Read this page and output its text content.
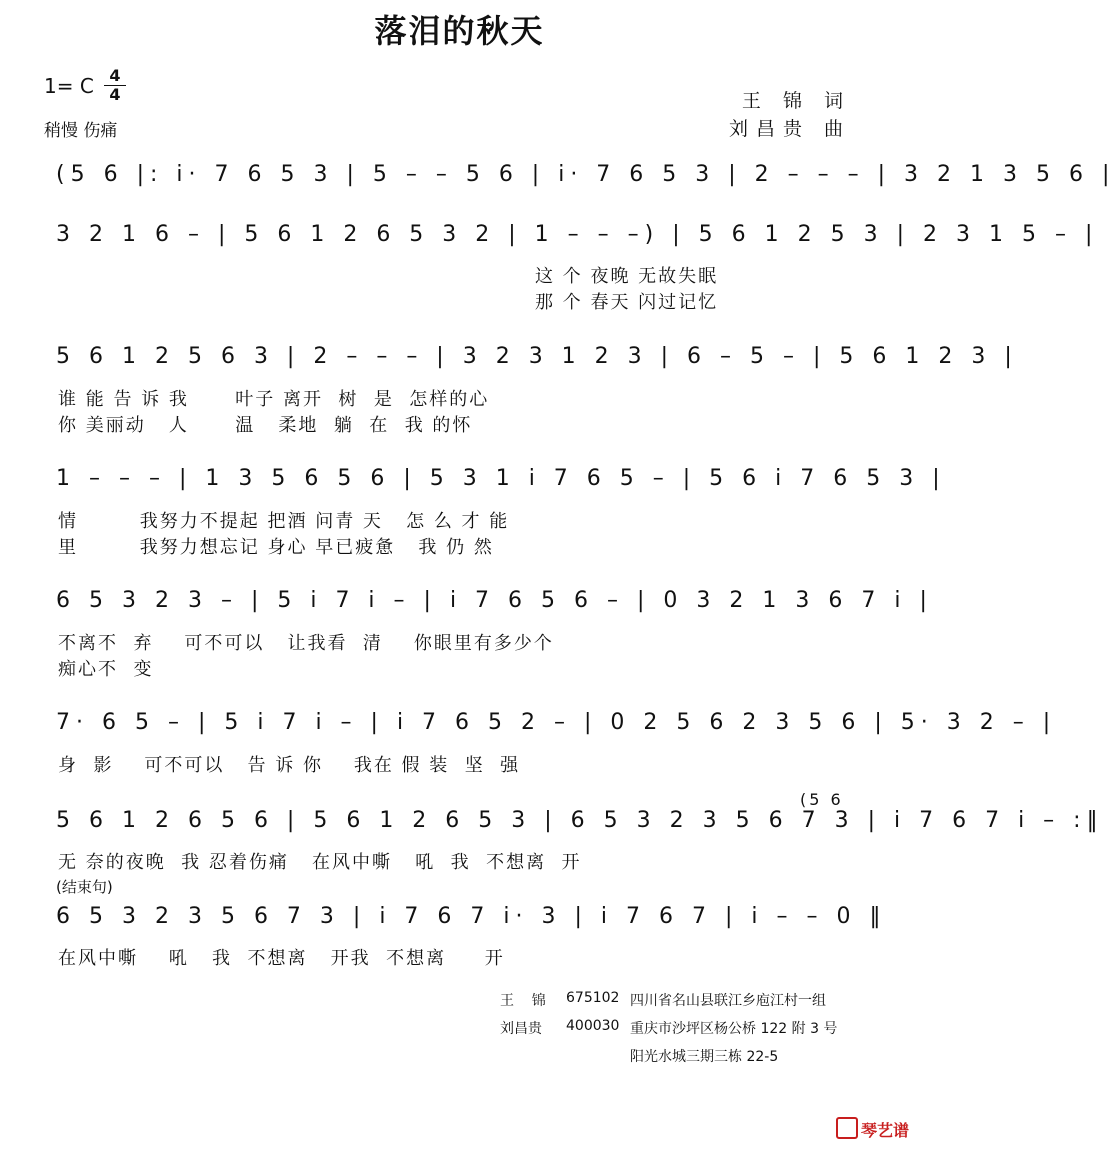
落泪的秋天
1= C 4
4
稍慢 伤痛
王 锦 词
刘昌贵 曲
(5 6 |: i· 7 6 5 3 | 5 – – 5 6 | i· 7 6 5 3 | 2 – – – | 3 2 1 3 5 6 |
3 2 1 6 – | 5 6 1 2 6 5 3 2 | 1 – – –) | 5 6 1 2 5 3 | 2 3 1 5 – |
这 个 夜晚 无故失眠
那 个 春天 闪过记忆
5 6 1 2 5 6 3 | 2 – – – | 3 2 3 1 2 3 | 6 – 5 – | 5 6 1 2 3 |
谁 能 告 诉 我      叶子 离开  树  是  怎样的心
你 美丽动   人      温   柔地  躺  在  我 的怀
1 – – – | 1 3 5 6 5 6 | 5 3 1 i 7 6 5 – | 5 6 i 7 6 5 3 |
情        我努力不提起 把酒 问青 天   怎 么 才 能
里        我努力想忘记 身心 早已疲惫   我 仍 然
6 5 3 2 3 – | 5 i 7 i – | i 7 6 5 6 – | 0 3 2 1 3 6 7 i |
不离不  弃    可不可以   让我看  清    你眼里有多少个
痴心不  变
7· 6 5 – | 5 i 7 i – | i 7 6 5 2 – | 0 2 5 6 2 3 5 6 | 5· 3 2 – |
身  影    可不可以   告 诉 你    我在 假 装  坚  强
(5 6
5 6 1 2 6 5 6 | 5 6 1 2 6 5 3 | 6 5 3 2 3 5 6 7 3 | i 7 6 7 i – :‖
无 奈的夜晚  我 忍着伤痛   在风中嘶   吼  我  不想离  开
(结束句)
6 5 3 2 3 5 6 7 3 | i 7 6 7 i· 3 | i 7 6 7 | i – – 0 ‖
在风中嘶    吼   我  不想离   开我  不想离     开
王    锦 675102 四川省名山县联江乡庖江村一组
刘昌贵 400030 重庆市沙坪区杨公桥 122 附 3 号
阳光水城三期三栋 22-5

琴艺谱
